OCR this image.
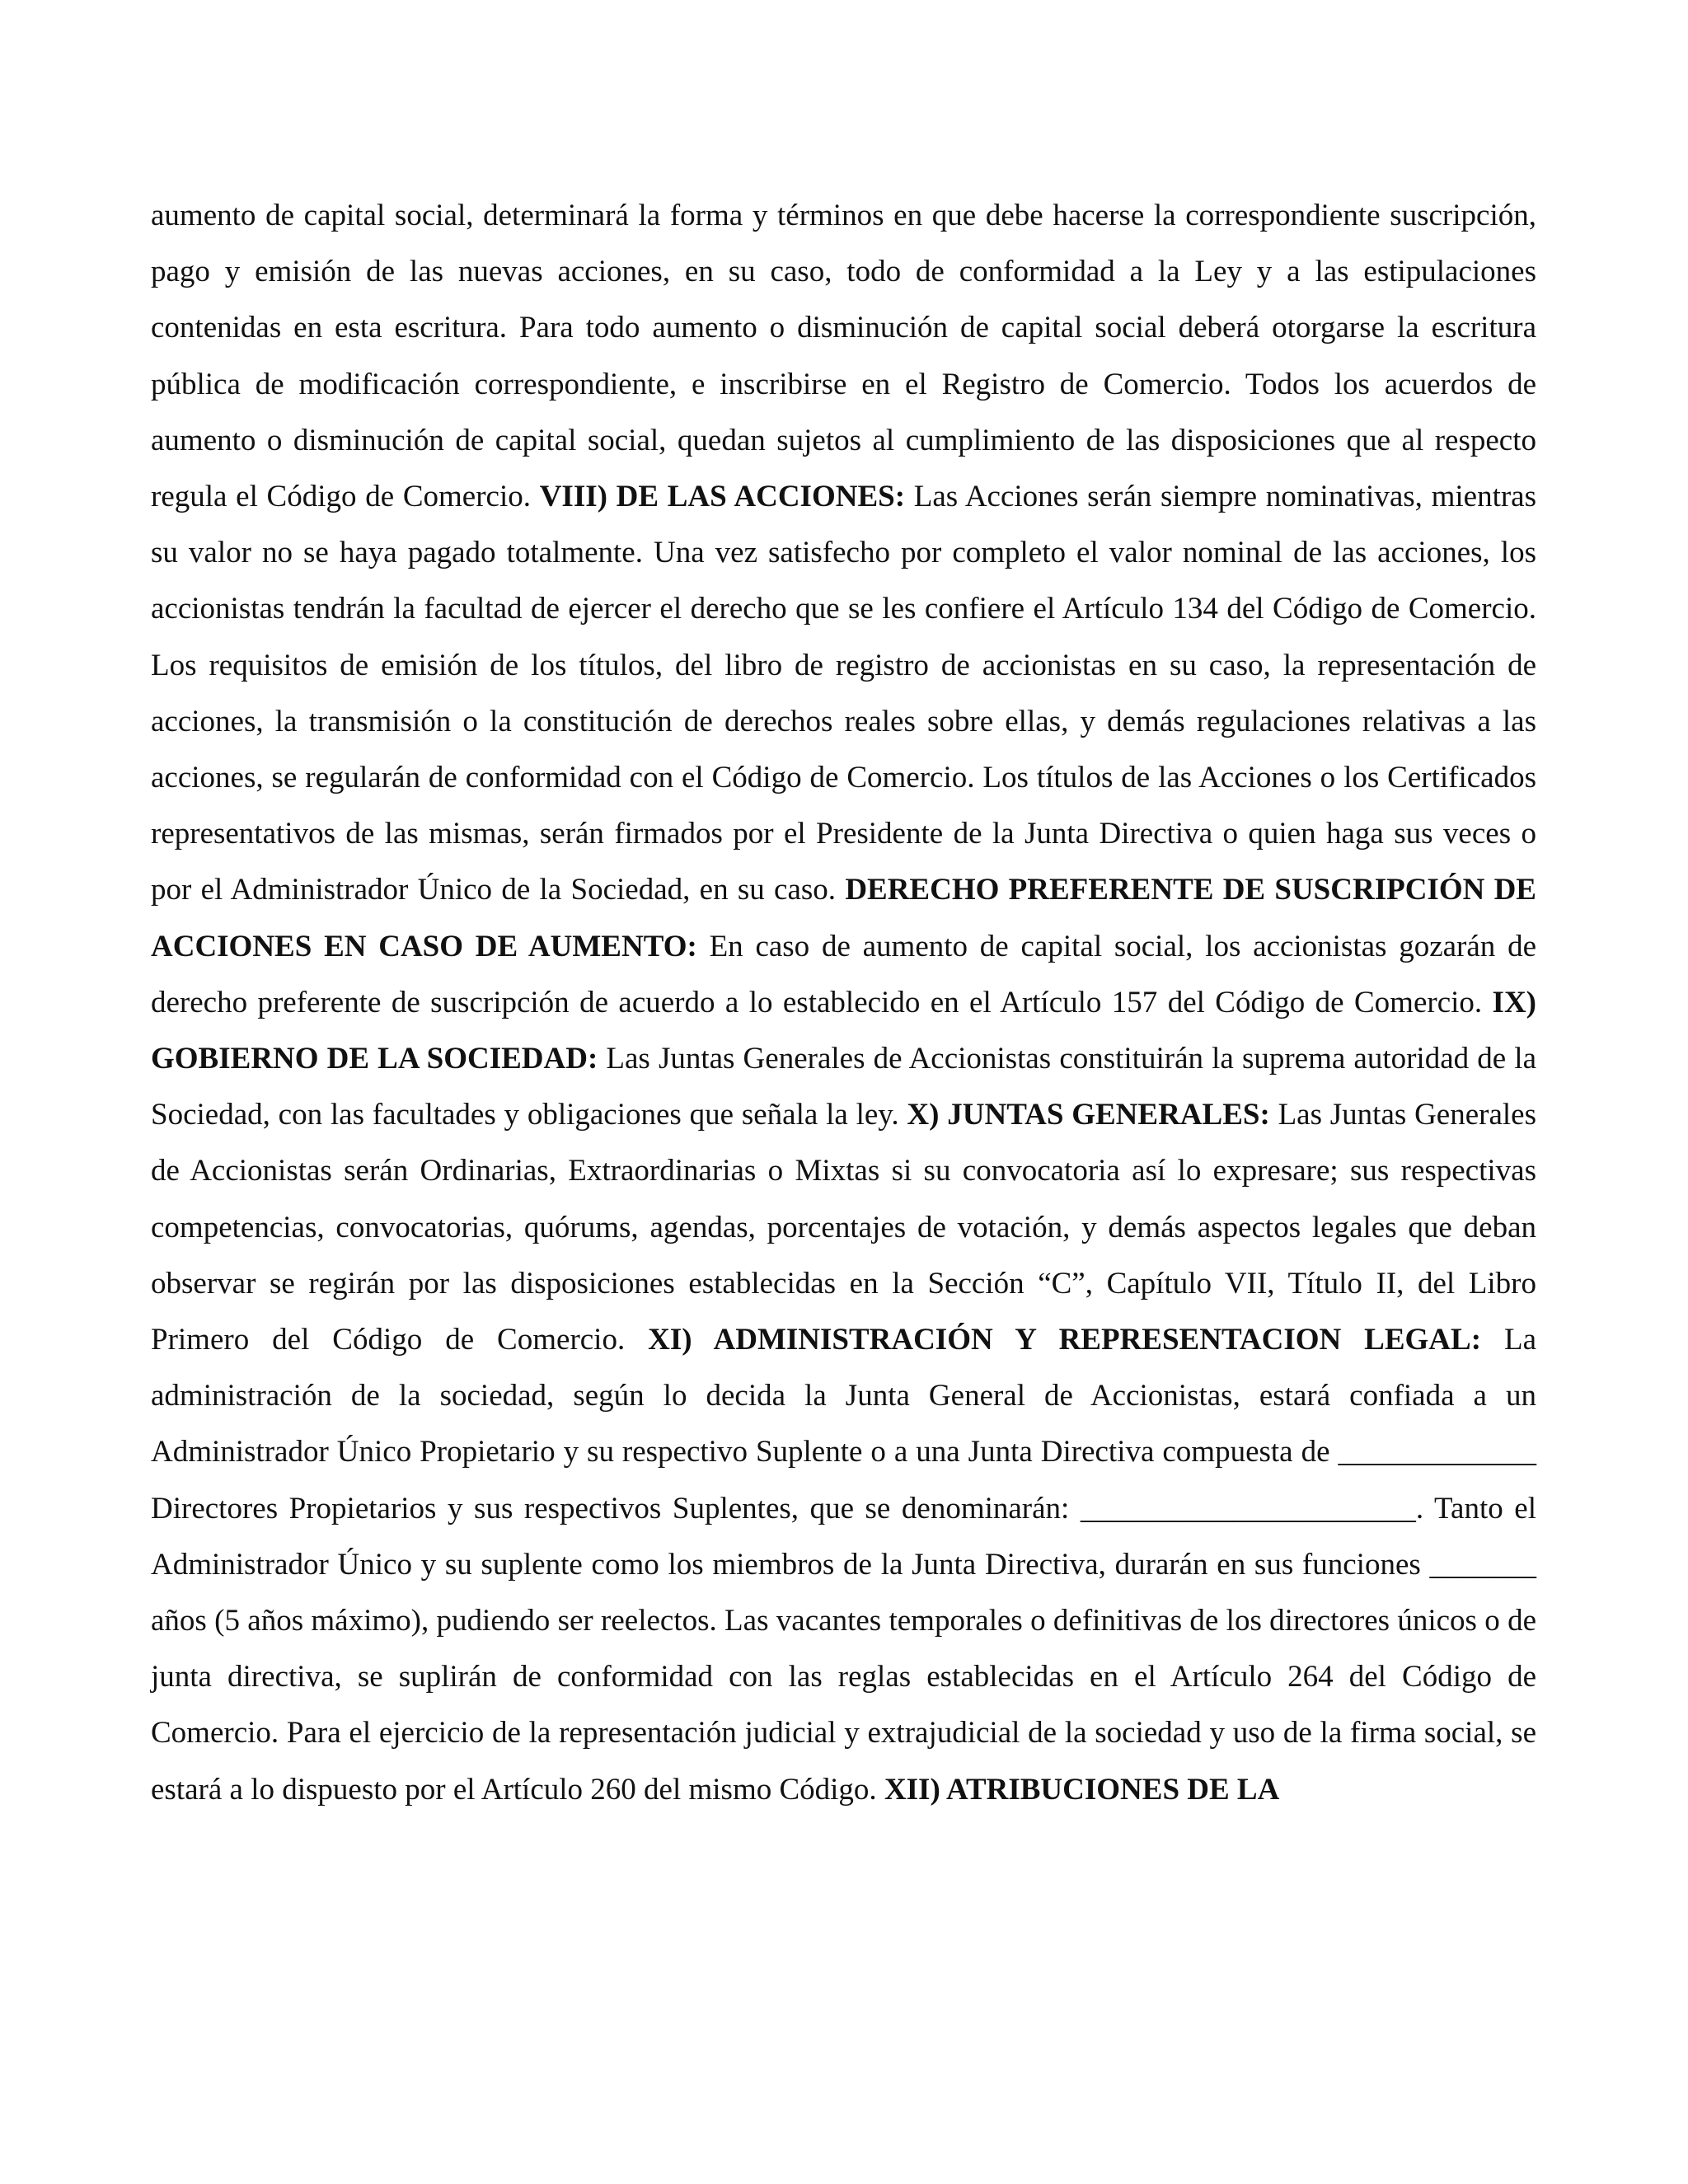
aumento de capital social, determinará la forma y términos en que debe hacerse la correspondiente suscripción, pago y emisión de las nuevas acciones, en su caso, todo de conformidad a la Ley y a las estipulaciones contenidas en esta escritura. Para todo aumento o disminución de capital social deberá otorgarse la escritura pública de modificación correspondiente, e inscribirse en el Registro de Comercio. Todos los acuerdos de aumento o disminución de capital social, quedan sujetos al cumplimiento de las disposiciones que al respecto regula el Código de Comercio. VIII) DE LAS ACCIONES: Las Acciones serán siempre nominativas, mientras su valor no se haya pagado totalmente. Una vez satisfecho por completo el valor nominal de las acciones, los accionistas tendrán la facultad de ejercer el derecho que se les confiere el Artículo 134 del Código de Comercio. Los requisitos de emisión de los títulos, del libro de registro de accionistas en su caso, la representación de acciones, la transmisión o la constitución de derechos reales sobre ellas, y demás regulaciones relativas a las acciones, se regularán de conformidad con el Código de Comercio. Los títulos de las Acciones o los Certificados representativos de las mismas, serán firmados por el Presidente de la Junta Directiva o quien haga sus veces o por el Administrador Único de la Sociedad, en su caso. DERECHO PREFERENTE DE SUSCRIPCIÓN DE ACCIONES EN CASO DE AUMENTO: En caso de aumento de capital social, los accionistas gozarán de derecho preferente de suscripción de acuerdo a lo establecido en el Artículo 157 del Código de Comercio. IX) GOBIERNO DE LA SOCIEDAD: Las Juntas Generales de Accionistas constituirán la suprema autoridad de la Sociedad, con las facultades y obligaciones que señala la ley. X) JUNTAS GENERALES: Las Juntas Generales de Accionistas serán Ordinarias, Extraordinarias o Mixtas si su convocatoria así lo expresare; sus respectivas competencias, convocatorias, quórums, agendas, porcentajes de votación, y demás aspectos legales que deban observar se regirán por las disposiciones establecidas en la Sección “C”, Capítulo VII, Título II, del Libro Primero del Código de Comercio. XI) ADMINISTRACIÓN Y REPRESENTACION LEGAL: La administración de la sociedad, según lo decida la Junta General de Accionistas, estará confiada a un Administrador Único Propietario y su respectivo Suplente o a una Junta Directiva compuesta de _____________ Directores Propietarios y sus respectivos Suplentes, que se denominarán: ______________________. Tanto el Administrador Único y su suplente como los miembros de la Junta Directiva, durarán en sus funciones _______ años (5 años máximo), pudiendo ser reelectos. Las vacantes temporales o definitivas de los directores únicos o de junta directiva, se suplirán de conformidad con las reglas establecidas en el Artículo 264 del Código de Comercio. Para el ejercicio de la representación judicial y extrajudicial de la sociedad y uso de la firma social, se estará a lo dispuesto por el Artículo 260 del mismo Código. XII) ATRIBUCIONES DE LA
